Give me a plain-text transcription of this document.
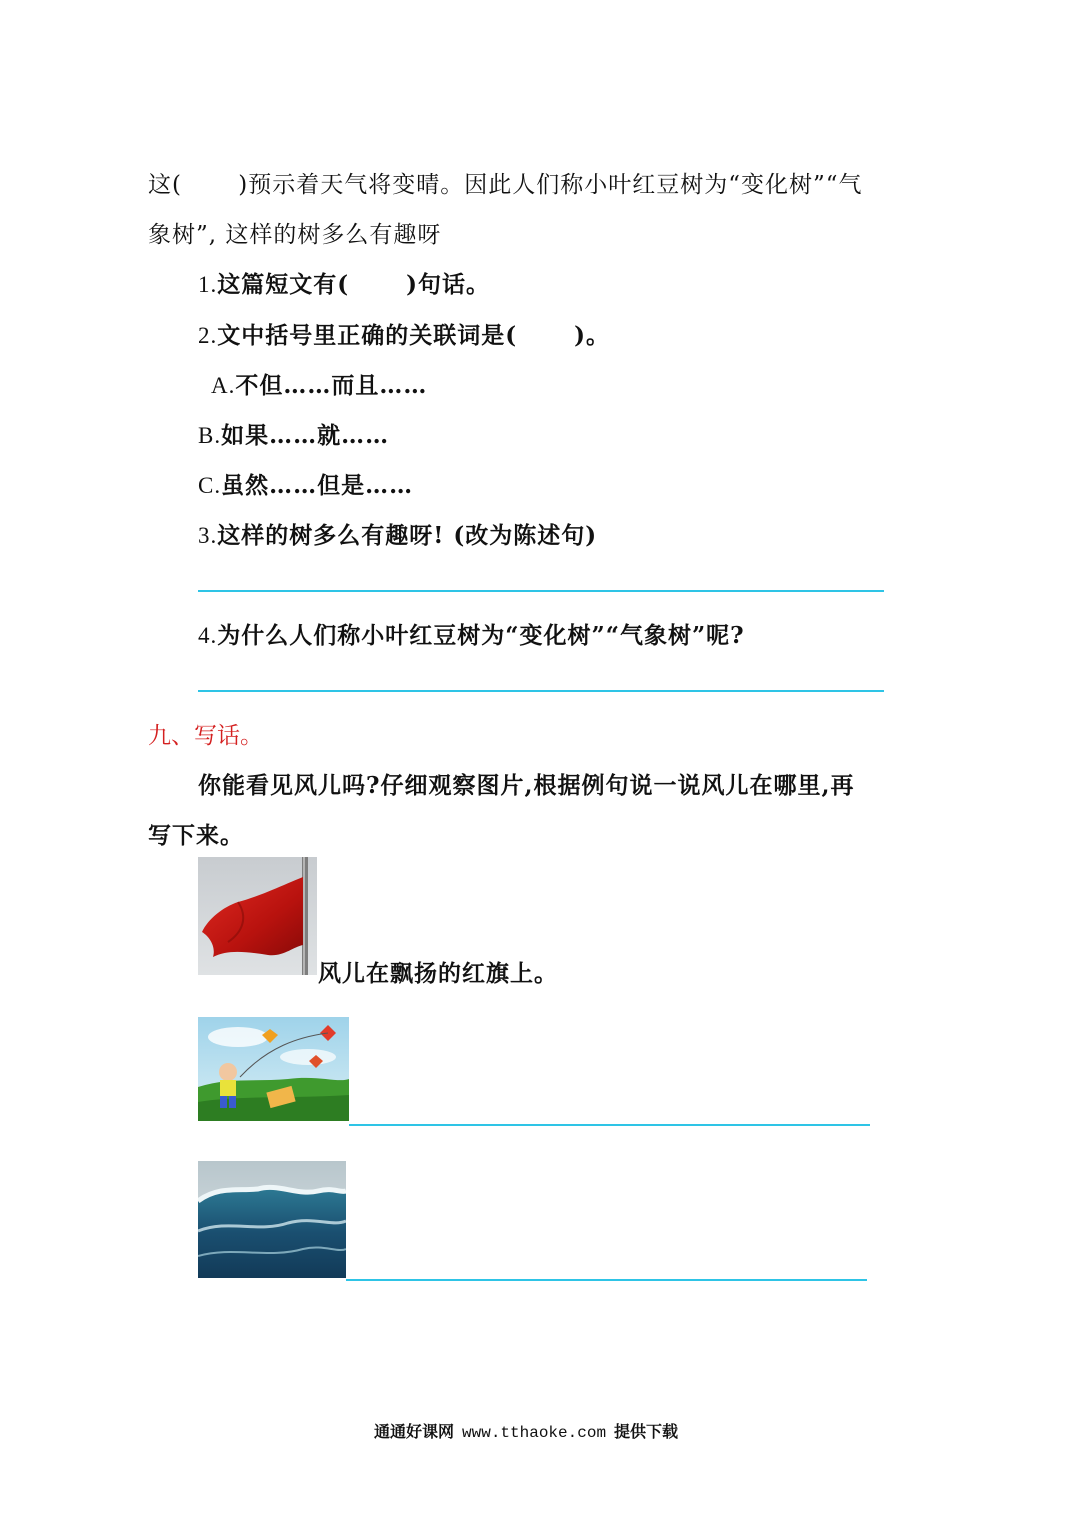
这(　　 )预示着天气将变晴。因此人们称小叶红豆树为“变化树”“气
象树”, 这样的树多么有趣呀
1.这篇短文有(　　 )句话。
2.文中括号里正确的关联词是(　　 )。
A.不但……而且……
B.如果……就……
C.虽然……但是……
3.这样的树多么有趣呀! (改为陈述句)
4.为什么人们称小叶红豆树为“变化树”“气象树”呢?
九、写话。
你能看见风儿吗?仔细观察图片,根据例句说一说风儿在哪里,再
写下来。
风儿在飘扬的红旗上。
通通好课网 www.tthaoke.com 提供下载
